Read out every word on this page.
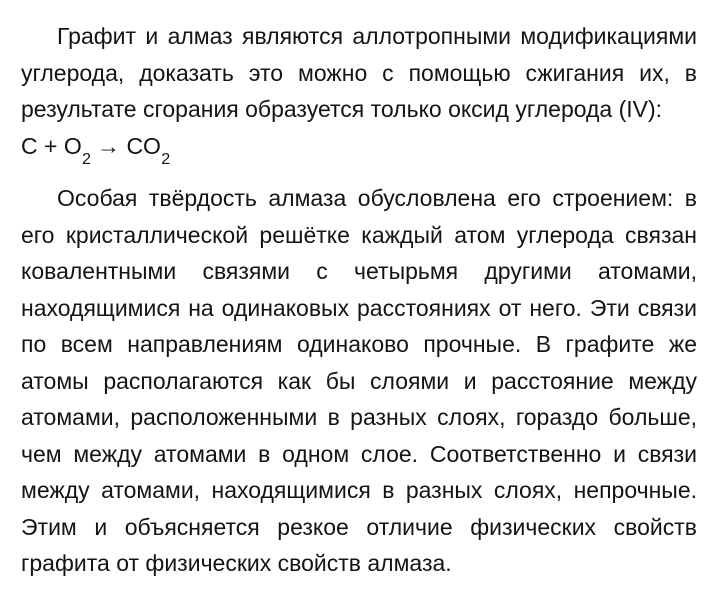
Графит и алмаз являются аллотропными модификациями
углерода, доказать это можно с помощью сжигания их, в
результате сгорания образуется только оксид углерода (IV):
$C + O_2 \to CO_2$
Особая твёрдость алмаза обусловлена его строением: в
его кристаллической решётке каждый атом углерода связан
ковалентными связями с четырьмя другими атомами,
находящимися на одинаковых расстояниях от него. Эти связи
по всем направлениям одинаково прочные. В графите же
атомы располагаются как бы слоями и расстояние между
атомами, расположенными в разных слоях, гораздо больше,
чем между атомами в одном слое. Соответственно и связи
между атомами, находящимися в разных слоях, непрочные.
Этим и объясняется резкое отличие физических свойств
графита от физических свойств алмаза.
